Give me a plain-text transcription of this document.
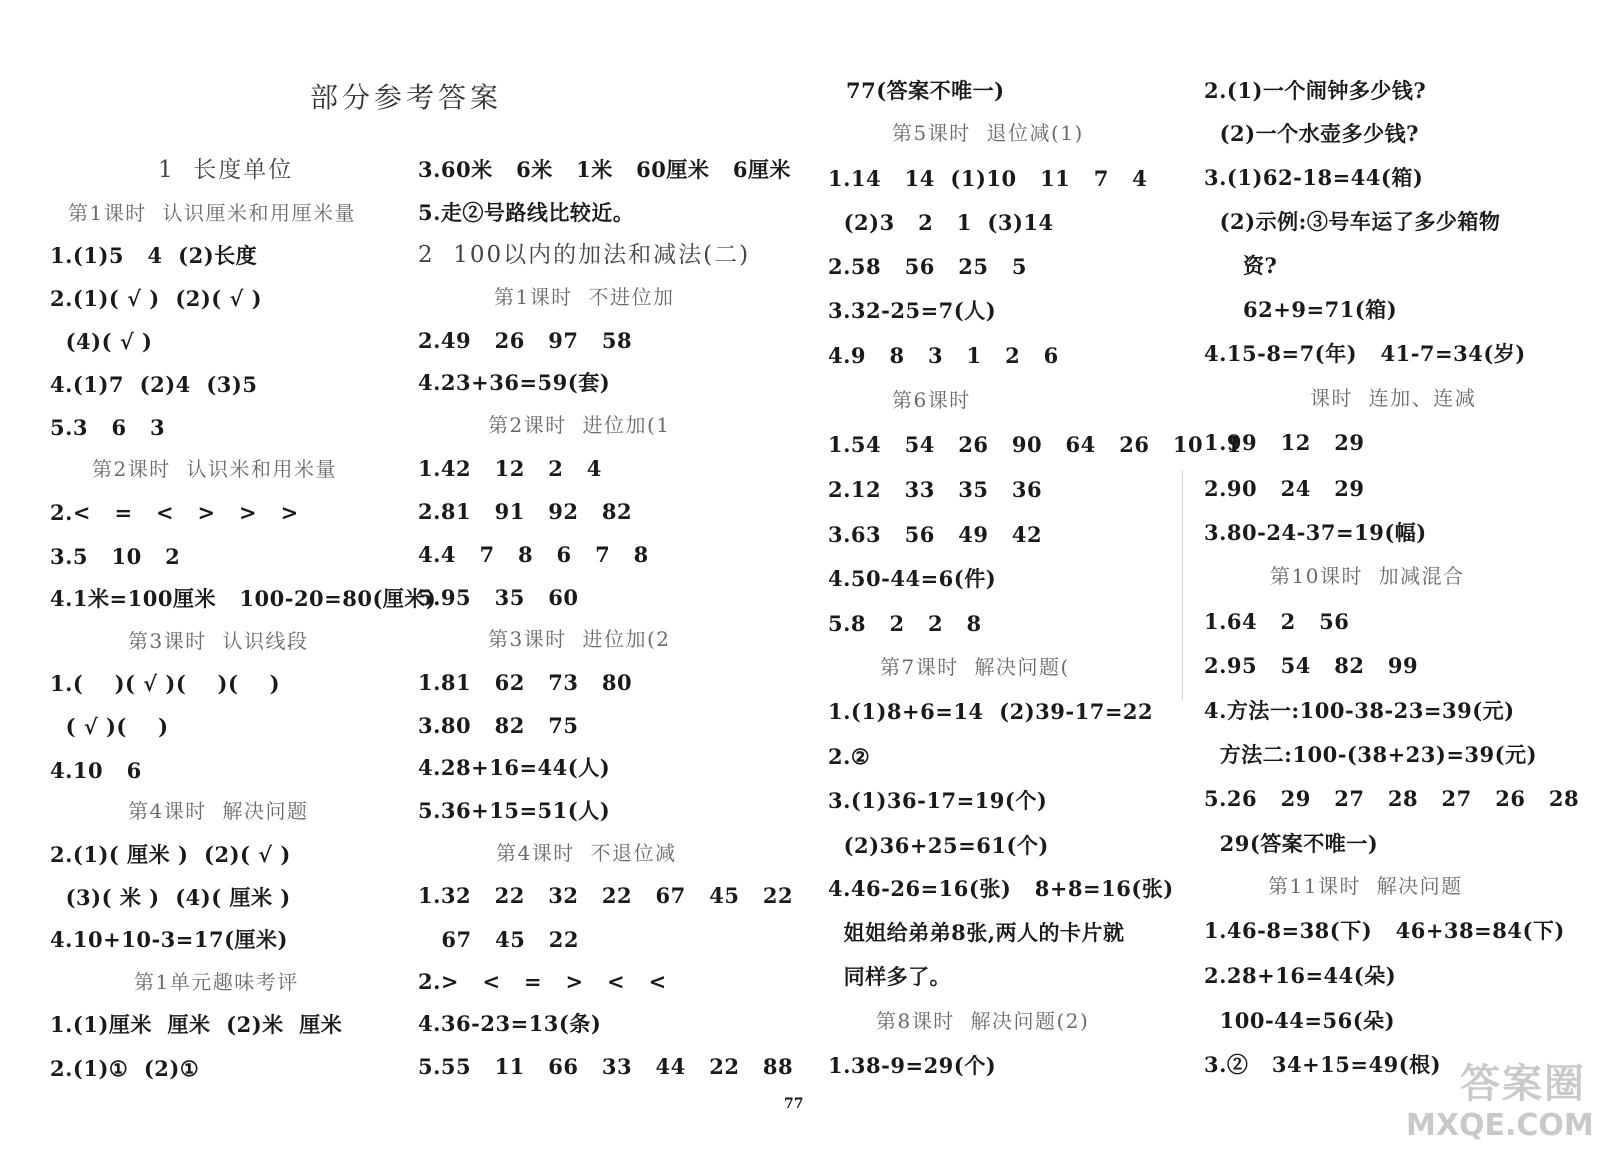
部分参考答案
1  长度单位
第1课时  认识厘米和用厘米量
1.(1)5   4  (2)长度
2.(1)( √ )  (2)( √ )
(4)( √ )
4.(1)7  (2)4  (3)5
5.3   6   3
第2课时  认识米和用米量
2.<   =   <   >   >   >
3.5   10   2
4.1米=100厘米   100-20=80(厘米)
第3课时  认识线段
1.(    )( √ )(    )(    )
( √ )(    )
4.10   6
第4课时  解决问题
2.(1)( 厘米 )  (2)( √ )
(3)( 米 )  (4)( 厘米 )
4.10+10-3=17(厘米)
第1单元趣味考评
1.(1)厘米  厘米  (2)米  厘米
2.(1)①  (2)①
3.60米   6米   1米   60厘米   6厘米
5.走②号路线比较近。
2  100以内的加法和减法(二)
第1课时  不进位加
2.49   26   97   58
4.23+36=59(套)
第2课时  进位加(1
1.42   12   2   4
2.81   91   92   82
4.4   7   8   6   7   8
5.95   35   60
第3课时  进位加(2
1.81   62   73   80
3.80   82   75
4.28+16=44(人)
5.36+15=51(人)
第4课时  不退位减
1.32   22   32   22   67   45   22
67   45   22
2.>   <   =   >   <   <
4.36-23=13(条)
5.55   11   66   33   44   22   88
77(答案不唯一)
第5课时  退位减(1)
1.14   14  (1)10   11   7   4
(2)3   2   1  (3)14
2.58   56   25   5
3.32-25=7(人)
4.9   8   3   1   2   6
第6课时
1.54   54   26   90   64   26   10   1
2.12   33   35   36
3.63   56   49   42
4.50-44=6(件)
5.8   2   2   8
第7课时  解决问题(
1.(1)8+6=14  (2)39-17=22
2.②
3.(1)36-17=19(个)
(2)36+25=61(个)
4.46-26=16(张)   8+8=16(张)
姐姐给弟弟8张,两人的卡片就
同样多了。
第8课时  解决问题(2)
1.38-9=29(个)
2.(1)一个闹钟多少钱?
(2)一个水壶多少钱?
3.(1)62-18=44(箱)
(2)示例:③号车运了多少箱物
资?
62+9=71(箱)
4.15-8=7(年)   41-7=34(岁)
课时  连加、连减
1.99   12   29
2.90   24   29
3.80-24-37=19(幅)
第10课时  加减混合
1.64   2   56
2.95   54   82   99
4.方法一:100-38-23=39(元)
方法二:100-(38+23)=39(元)
5.26   29   27   28   27   26   28
29(答案不唯一)
第11课时  解决问题
1.46-8=38(下)   46+38=84(下)
2.28+16=44(朵)
100-44=56(朵)
3.②   34+15=49(根)
77	答案圈
MXQE.COM
